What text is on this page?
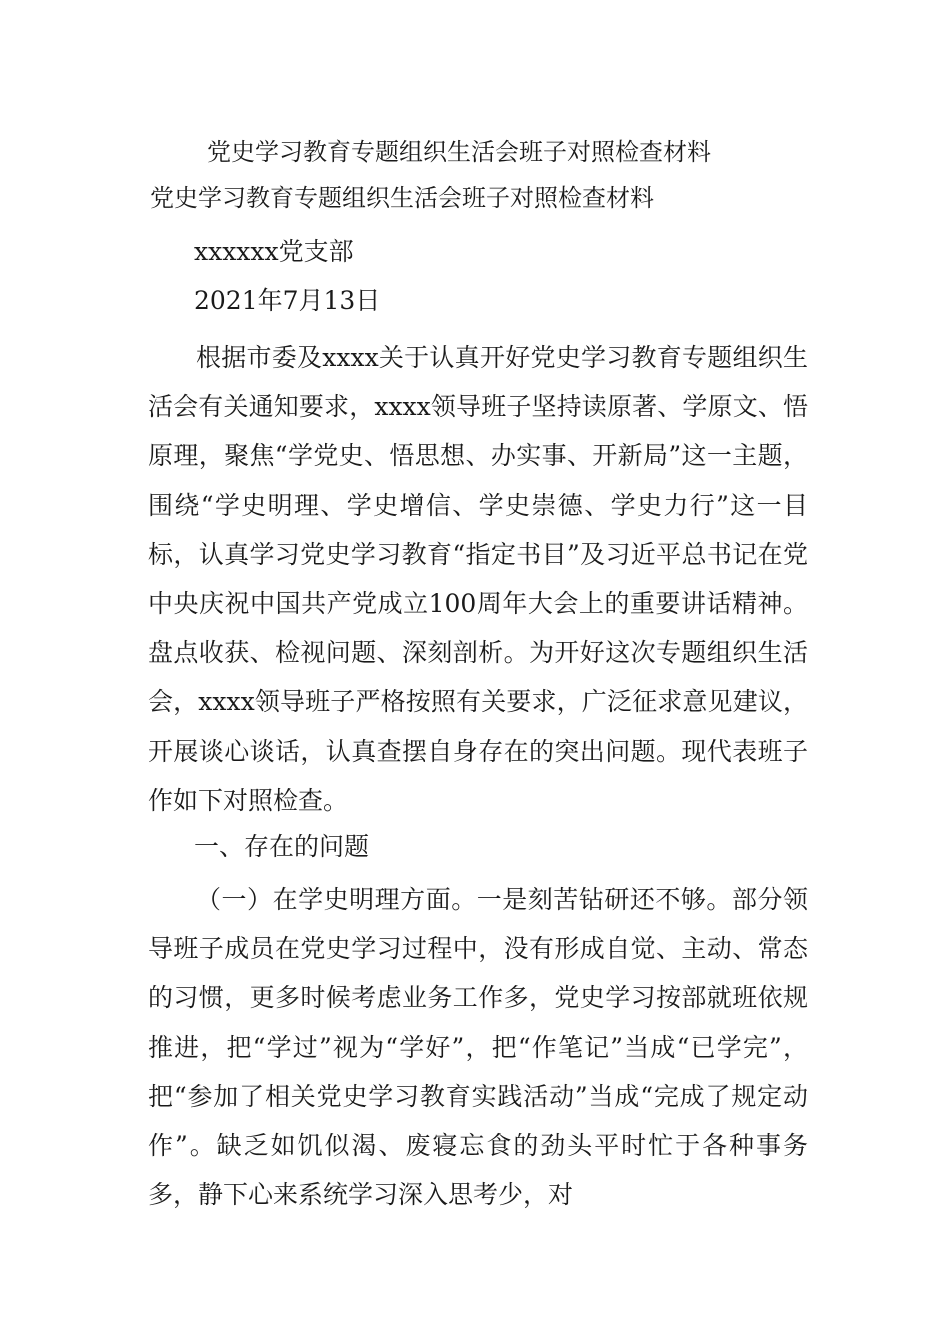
党史学习教育专题组织生活会班子对照检查材料
党史学习教育专题组织生活会班子对照检查材料
xxxxxx党支部
2021年7月13日
根据市委及xxxx关于认真开好党史学习教育专题组织生活会有关通知要求，xxxx领导班子坚持读原著、学原文、悟原理，聚焦“学党史、悟思想、办实事、开新局”这一主题，围绕“学史明理、学史增信、学史崇德、学史力行”这一目标，认真学习党史学习教育“指定书目”及习近平总书记在党中央庆祝中国共产党成立100周年大会上的重要讲话精神。盘点收获、检视问题、深刻剖析。为开好这次专题组织生活会，xxxx领导班子严格按照有关要求，广泛征求意见建议，开展谈心谈话，认真查摆自身存在的突出问题。现代表班子作如下对照检查。
一、存在的问题
（一）在学史明理方面。一是刻苦钻研还不够。部分领导班子成员在党史学习过程中，没有形成自觉、主动、常态的习惯，更多时候考虑业务工作多，党史学习按部就班依规推进，把“学过”视为“学好”，把“作笔记”当成“已学完”，把“参加了相关党史学习教育实践活动”当成“完成了规定动作”。缺乏如饥似渴、废寝忘食的劲头平时忙于各种事务多，静下心来系统学习深入思考少，对
